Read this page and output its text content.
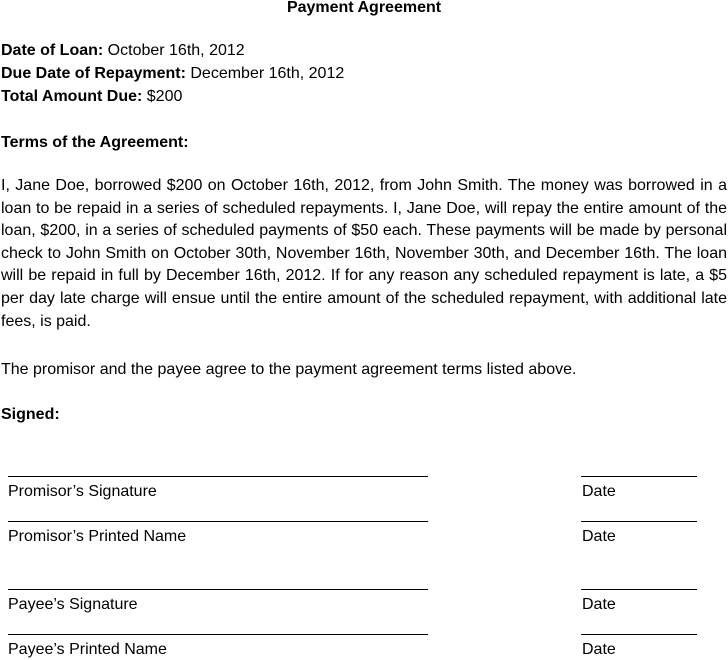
Payment Agreement
Date of Loan: October 16th, 2012
Due Date of Repayment: December 16th, 2012
Total Amount Due: $200
Terms of the Agreement:
I, Jane Doe, borrowed $200 on October 16th, 2012, from John Smith. The money was borrowed in a loan to be repaid in a series of scheduled repayments. I, Jane Doe, will repay the entire amount of the loan, $200, in a series of scheduled payments of $50 each. These payments will be made by personal check to John Smith on October 30th, November 16th, November 30th, and December 16th. The loan will be repaid in full by December 16th, 2012. If for any reason any scheduled repayment is late, a $5 per day late charge will ensue until the entire amount of the scheduled repayment, with additional late fees, is paid.
The promisor and the payee agree to the payment agreement terms listed above.
Signed:
Promisor’s Signature	Date
Promisor’s Printed Name	Date
Payee’s Signature	Date
Payee’s Printed Name	Date
